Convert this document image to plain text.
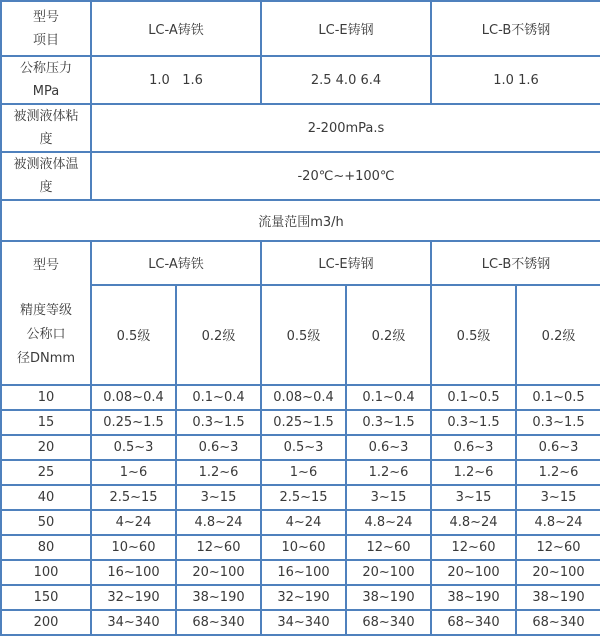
型号
项目	LC-A铸铁		LC-E铸钢		LC-B不锈钢	

公称压力
MPa	1.0   1.6		2.5 4.0 6.4		1.0 1.6	

被测液体粘
度	2-200mPa.s					

被测液体温
度	-20℃~+100℃					
流量范围m3/h						

型号
精度等级
公称口
径DNmm	LC-A铸铁		LC-E铸钢		LC-B不锈钢	
	0.5级	0.2级	0.5级	0.2级	0.5级	0.2级
10	0.08~0.4	0.1~0.4	0.08~0.4	0.1~0.4	0.1~0.5	0.1~0.5
15	0.25~1.5	0.3~1.5	0.25~1.5	0.3~1.5	0.3~1.5	0.3~1.5
20	0.5~3	0.6~3	0.5~3	0.6~3	0.6~3	0.6~3
25	1~6	1.2~6	1~6	1.2~6	1.2~6	1.2~6
40	2.5~15	3~15	2.5~15	3~15	3~15	3~15
50	4~24	4.8~24	4~24	4.8~24	4.8~24	4.8~24
80	10~60	12~60	10~60	12~60	12~60	12~60
100	16~100	20~100	16~100	20~100	20~100	20~100
150	32~190	38~190	32~190	38~190	38~190	38~190
200	34~340	68~340	34~340	68~340	68~340	68~340
